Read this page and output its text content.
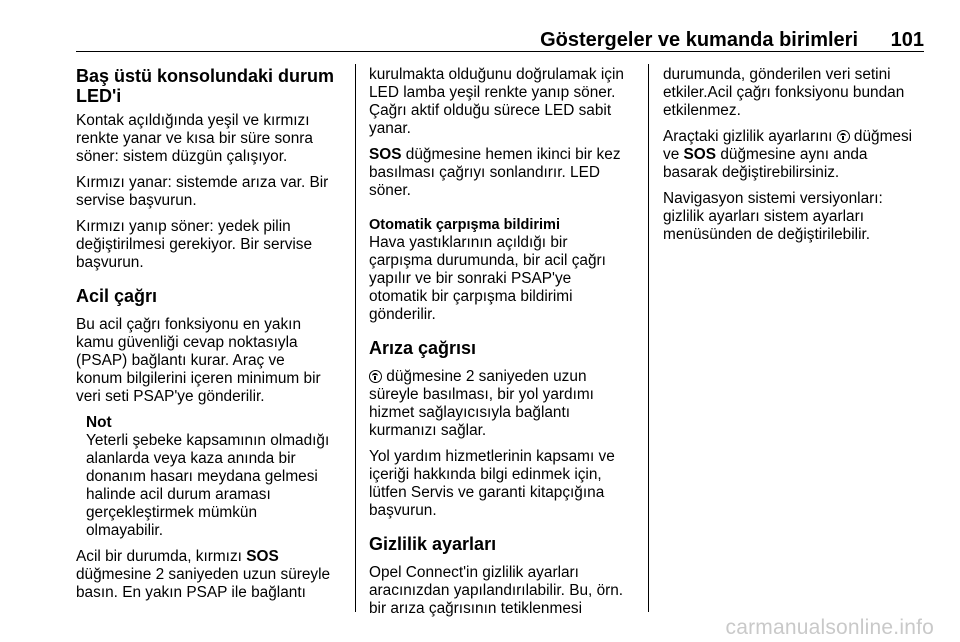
Göstergeler ve kumanda birimleri 101
Baş üstü konsolundaki durum
LED'i

Kontak açıldığında yeşil ve kırmızı
renkte yanar ve kısa bir süre sonra
söner: sistem düzgün çalışıyor.

Kırmızı yanar: sistemde arıza var. Bir
servise başvurun.

Kırmızı yanıp söner: yedek pilin
değiştirilmesi gerekiyor. Bir servise
başvurun.

Acil çağrı

Bu acil çağrı fonksiyonu en yakın
kamu güvenliği cevap noktasıyla
(PSAP) bağlantı kurar. Araç ve
konum bilgilerini içeren minimum bir
veri seti PSAP'ye gönderilir.

Not
Yeterli şebeke kapsamının olmadığı
alanlarda veya kaza anında bir
donanım hasarı meydana gelmesi
halinde acil durum araması
gerçekleştirmek mümkün
olmayabilir.

Acil bir durumda, kırmızı SOS
düğmesine 2 saniyeden uzun süreyle
basın. En yakın PSAP ile bağlantı

kurulmakta olduğunu doğrulamak için
LED lamba yeşil renkte yanıp söner.
Çağrı aktif olduğu sürece LED sabit
yanar.

SOS düğmesine hemen ikinci bir kez
basılması çağrıyı sonlandırır. LED
söner.

Otomatik çarpışma bildirimi

Hava yastıklarının açıldığı bir
çarpışma durumunda, bir acil çağrı
yapılır ve bir sonraki PSAP'ye
otomatik bir çarpışma bildirimi
gönderilir.

Arıza çağrısı

düğmesine 2 saniyeden uzun
süreyle basılması, bir yol yardımı
hizmet sağlayıcısıyla bağlantı
kurmanızı sağlar.

Yol yardım hizmetlerinin kapsamı ve
içeriği hakkında bilgi edinmek için,
lütfen Servis ve garanti kitapçığına
başvurun.

Gizlilik ayarları

Opel Connect'in gizlilik ayarları
aracınızdan yapılandırılabilir. Bu, örn.
bir arıza çağrısının tetiklenmesi

durumunda, gönderilen veri setini
etkiler.Acil çağrı fonksiyonu bundan
etkilenmez.

Araçtaki gizlilik ayarlarını  düğmesi
ve SOS düğmesine aynı anda
basarak değiştirebilirsiniz.

Navigasyon sistemi versiyonları:
gizlilik ayarları sistem ayarları
menüsünden de değiştirilebilir.

carmanualsonline.info
